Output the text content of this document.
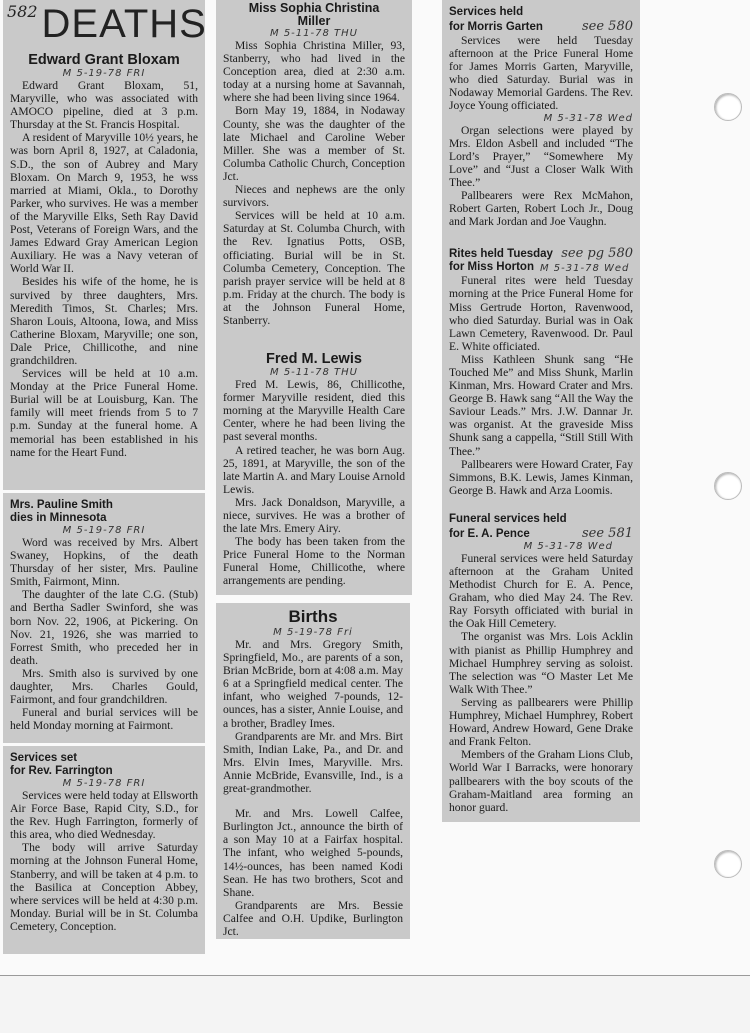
582 DEATHS
Edward Grant Bloxam
M 5-19-78 FRI

Edward Grant Bloxam, 51, Maryville, who was associated with AMOCO pipeline, died at 3 p.m. Thursday at the St. Francis Hospital.

A resident of Maryville 10½ years, he was born April 8, 1927, at Caladonia, S.D., the son of Aubrey and Mary Bloxam. On March 9, 1953, he wss married at Miami, Okla., to Dorothy Parker, who survives. He was a member of the Maryville Elks, Seth Ray David Post, Veterans of Foreign Wars, and the James Edward Gray American Legion Auxiliary. He was a Navy veteran of World War II.

Besides his wife of the home, he is survived by three daughters, Mrs. Meredith Timos, St. Charles; Mrs. Sharon Louis, Altoona, Iowa, and Miss Catherine Bloxam, Maryville; one son, Dale Price, Chillicothe, and nine grandchildren.

Services will be held at 10 a.m. Monday at the Price Funeral Home. Burial will be at Louisburg, Kan. The family will meet friends from 5 to 7 p.m. Sunday at the funeral home. A memorial has been established in his name for the Heart Fund.

Mrs. Pauline Smith
dies in Minnesota
M 5-19-78 FRI

Word was received by Mrs. Albert Swaney, Hopkins, of the death Thursday of her sister, Mrs. Pauline Smith, Fairmont, Minn.

The daughter of the late C.G. (Stub) and Bertha Sadler Swinford, she was born Nov. 22, 1906, at Pickering. On Nov. 21, 1926, she was married to Forrest Smith, who preceded her in death.

Mrs. Smith also is survived by one daughter, Mrs. Charles Gould, Fairmont, and four grandchildren.

Funeral and burial services will be held Monday morning at Fairmont.

Services set
for Rev. Farrington
M 5-19-78 FRI

Services were held today at Ellsworth Air Force Base, Rapid City, S.D., for the Rev. Hugh Farrington, formerly of this area, who died Wednesday.

The body will arrive Saturday morning at the Johnson Funeral Home, Stanberry, and will be taken at 4 p.m. to the Basilica at Conception Abbey, where services will be held at 4:30 p.m. Monday. Burial will be in St. Columba Cemetery, Conception.

Miss Sophia Christina
Miller
M 5-11-78 THU

Miss Sophia Christina Miller, 93, Stanberry, who had lived in the Conception area, died at 2:30 a.m. today at a nursing home at Savannah, where she had been living since 1964.

Born May 19, 1884, in Nodaway County, she was the daughter of the late Michael and Caroline Weber Miller. She was a member of St. Columba Catholic Church, Conception Jct.

Nieces and nephews are the only survivors.

Services will be held at 10 a.m. Saturday at St. Columba Church, with the Rev. Ignatius Potts, OSB, officiating. Burial will be in St. Columba Cemetery, Conception. The parish prayer service will be held at 8 p.m. Friday at the church. The body is at the Johnson Funeral Home, Stanberry.

Fred M. Lewis
M 5-11-78 THU

Fred M. Lewis, 86, Chillicothe, former Maryville resident, died this morning at the Maryville Health Care Center, where he had been living the past several months.

A retired teacher, he was born Aug. 25, 1891, at Maryville, the son of the late Martin A. and Mary Louise Arnold Lewis.

Mrs. Jack Donaldson, Maryville, a niece, survives. He was a brother of the late Mrs. Emery Airy.

The body has been taken from the Price Funeral Home to the Norman Funeral Home, Chillicothe, where arrangements are pending.

Births
M 5-19-78 Fri

Mr. and Mrs. Gregory Smith, Springfield, Mo., are parents of a son, Brian McBride, born at 4:08 a.m. May 6 at a Springfield medical center. The infant, who weighed 7-pounds, 12-ounces, has a sister, Annie Louise, and a brother, Bradley Imes.

Grandparents are Mr. and Mrs. Birt Smith, Indian Lake, Pa., and Dr. and Mrs. Elvin Imes, Maryville. Mrs. Annie McBride, Evansville, Ind., is a great-grandmother.

Mr. and Mrs. Lowell Calfee, Burlington Jct., announce the birth of a son May 10 at a Fairfax hospital. The infant, who weighed 5-pounds, 14½-ounces, has been named Kodi Sean. He has two brothers, Scot and Shane.

Grandparents are Mrs. Bessie Calfee and O.H. Updike, Burlington Jct.

Services held
for Morris Garten	see 580

Services were held Tuesday afternoon at the Price Funeral Home for James Morris Garten, Maryville, who died Saturday. Burial was in Nodaway Memorial Gardens. The Rev. Joyce Young officiated.

M 5-31-78 Wed

Organ selections were played by Mrs. Eldon Asbell and included “The Lord’s Prayer,” “Somewhere My Love” and “Just a Closer Walk With Thee.”

Pallbearers were Rex McMahon, Robert Garten, Robert Loch Jr., Doug and Mark Jordan and Joe Vaughn.

Rites held Tuesday see pg 580
for Miss Horton M 5-31-78 Wed

Funeral rites were held Tuesday morning at the Price Funeral Home for Miss Gertrude Horton, Ravenwood, who died Saturday. Burial was in Oak Lawn Cemetery, Ravenwood. Dr. Paul E. White officiated.

Miss Kathleen Shunk sang “He Touched Me” and Miss Shunk, Marlin Kinman, Mrs. Howard Crater and Mrs. George B. Hawk sang “All the Way the Saviour Leads.” Mrs. J.W. Dannar Jr. was organist. At the graveside Miss Shunk sang a cappella, “Still Still With Thee.”

Pallbearers were Howard Crater, Fay Simmons, B.K. Lewis, James Kinman, George B. Hawk and Arza Loomis.

Funeral services held
for E. A. Pence	see 581
M 5-31-78 Wed

Funeral services were held Saturday afternoon at the Graham United Methodist Church for E. A. Pence, Graham, who died May 24. The Rev. Ray Forsyth officiated with burial in the Oak Hill Cemetery.

The organist was Mrs. Lois Acklin with pianist as Phillip Humphrey and Michael Humphrey serving as soloist. The selection was “O Master Let Me Walk With Thee.”

Serving as pallbearers were Phillip Humphrey, Michael Humphrey, Robert Howard, Andrew Howard, Gene Drake and Frank Felton.

Members of the Graham Lions Club, World War I Barracks, were honorary pallbearers with the boy scouts of the Graham-Maitland area forming an honor guard.
